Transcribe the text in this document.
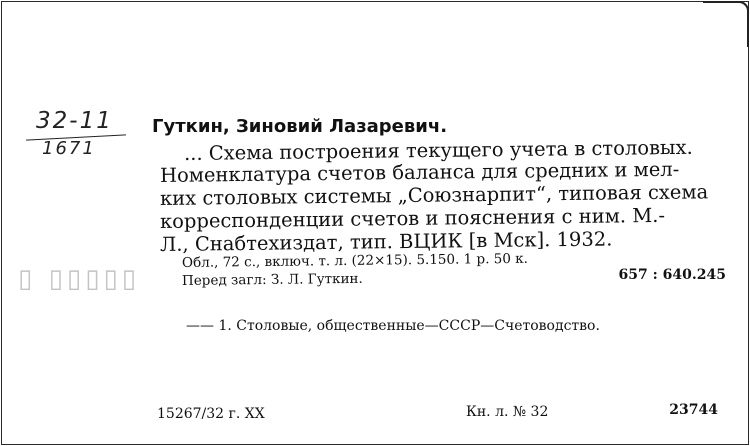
32-11
1671
▯ ▯▯▯▯▯
Гуткин, Зиновий Лазаревич.
... Схема построения текущего учета в столовых.
Номенклатура счетов баланса для средних и мел-
ких столовых системы „Союзнарпит“, типовая схема
корреспонденции счетов и пояснения с ним. М.-
Л., Снабтехиздат, тип. ВЦИК [в Мск]. 1932.
Обл., 72 с., включ. т. л. (22×15). 5.150. 1 р. 50 к.
Перед загл: З. Л. Гуткин.	657 : 640.245
—— 1. Столовые, общественные—СССР—Счетоводство.
15267/32 г. XX	Кн. л. № 32	23744
